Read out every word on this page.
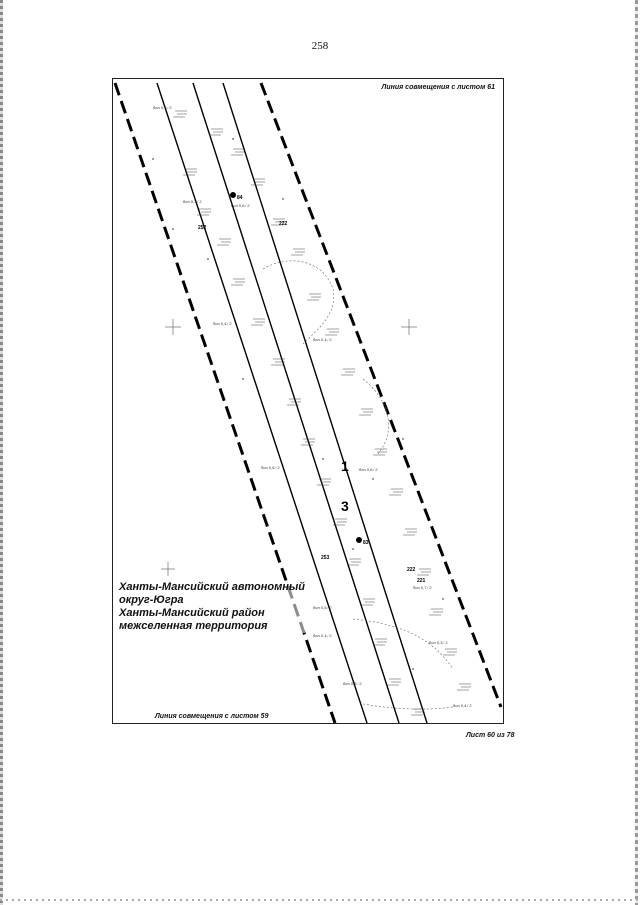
258
бол 0,5 ⁄ 2
бол 0,3 ⁄ 2
бол 0,6 ⁄ 2
бол 0,4 ⁄ 2
бол 0,4 ⁄ 2
бол 0,6 ⁄ 2	бол 0,6 ⁄ 2
бол 0,5 ⁄ 2
бол 0,7 ⁄ 2
бол 0,4 ⁄ 2
бол 0,3 ⁄ 2
бол 0,5 ⁄ 2
бол 0,4 ⁄ 2
84
83
252
222
253
222
221
1
3
Линия совмещения с листом 61
Ханты-Мансийский автономный
округ-Югра
Ханты-Мансийский район
межселенная территория
Линия совмещения с листом 59
Лист 60 из 78
